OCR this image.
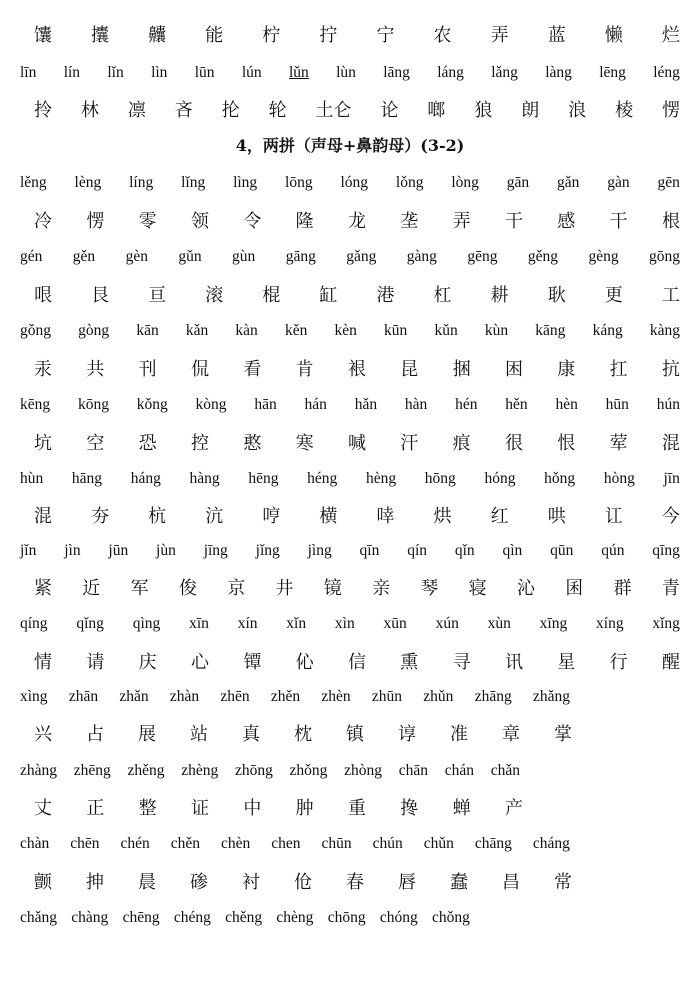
馕 攮 齉 能 柠 拧 宁 农 弄 蓝 懒 烂
līn lín lǐn lìn lūn lún lǔn lùn lāng láng lǎng làng lēng léng
拎 林 凛 吝 抡 轮 土仑 论 啷 狼 朗 浪 棱 愣
4，两拼（声母+鼻韵母）(3-2)
lěng lèng líng lǐng lìng lōng lóng lǒng lòng gān gǎn gàn gēn
冷 愣 零 领 令 隆 龙 垄 弄 干 感 干 根
gén gěn gèn gǔn gùn gāng gǎng gàng gēng gěng gèng gōng
哏 艮 亘 滚 棍 缸 港 杠 耕 耿 更 工
gǒng gòng kān kǎn kàn kěn kèn kūn kǔn kùn kāng káng kàng
汞 共 刊 侃 看 肯 裉 昆 捆 困 康 扛 抗
kēng kōng kǒng kòng hān hán hǎn hàn hén hěn hèn hūn hún
坑 空 恐 控 憨 寒 喊 汗 痕 很 恨 荤 混
hùn hāng háng hàng hēng héng hèng hōng hóng hǒng hòng jīn
混 夯 杭 沆 哼 横 啈 烘 红 哄 讧 今
jǐn jìn jūn jùn jīng jǐng jìng qīn qín qǐn qìn qūn qún qīng
紧 近 军 俊 京 井 镜 亲 琴 寝 沁 囷 群 青
qíng qǐng qìng xīn xín xǐn xìn xūn xún xùn xīng xíng xǐng
情 请 庆 心 镡 伈 信 熏 寻 讯 星 行 醒
xìng zhān zhǎn zhàn zhēn zhěn zhèn zhūn zhǔn zhāng zhǎng
兴 占 展 站 真 枕 镇 谆 准 章 掌
zhàng zhēng zhěng zhèng zhōng zhǒng zhòng chān chán chǎn
丈 正 整 证 中 肿 重 搀 蝉 产
chàn chēn chén chěn chèn chen chūn chún chǔn chāng cháng
颤 抻 晨 碜 衬 伧 春 唇 蠢 昌 常
chǎng chàng chēng chéng chěng chèng chōng chóng chǒng
